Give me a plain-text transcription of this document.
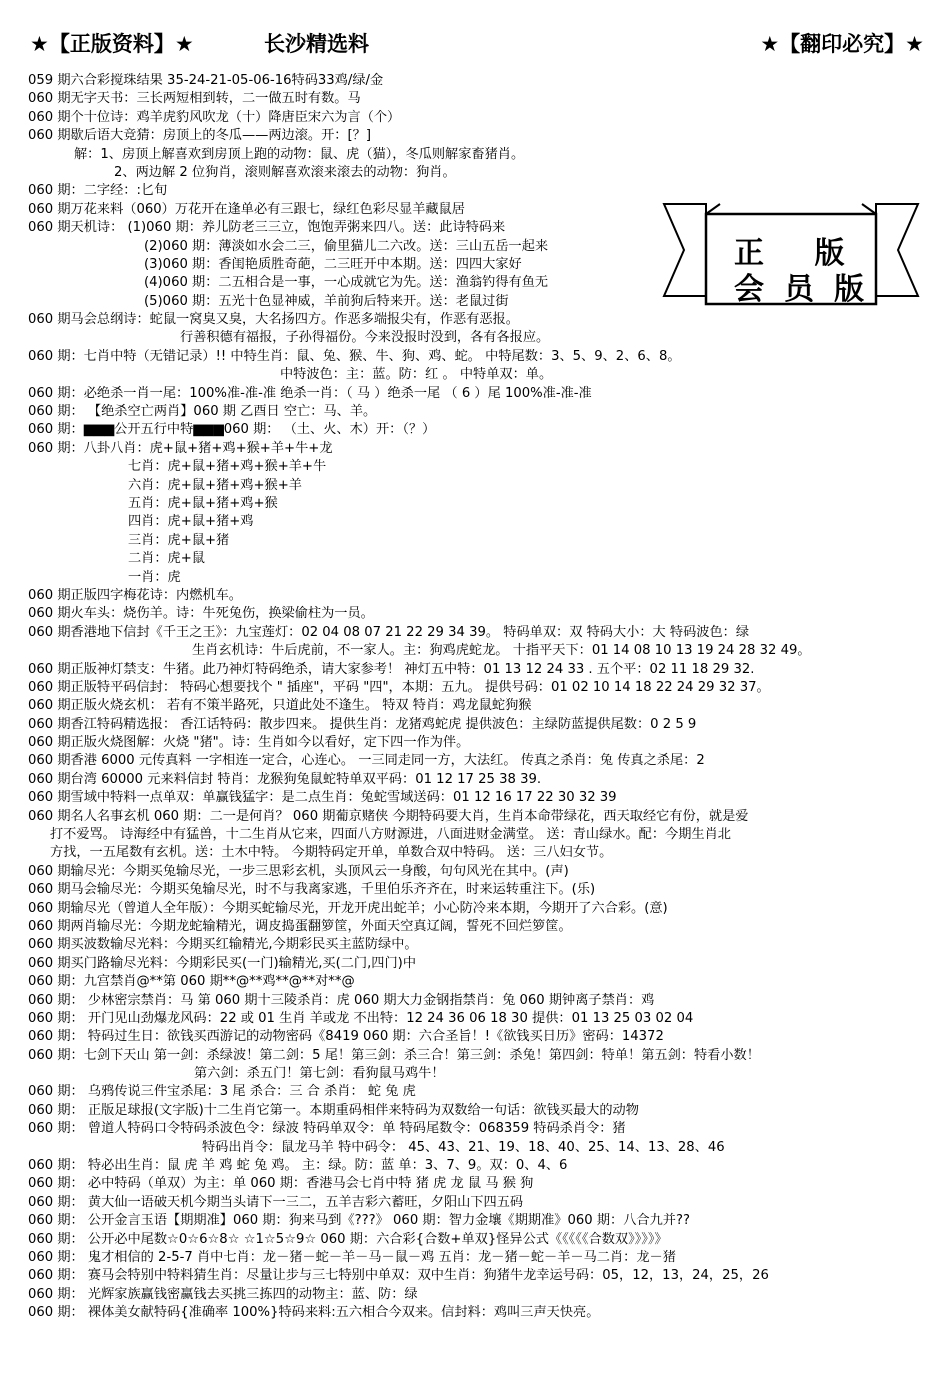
★【正版资料】★	长沙精选料	★【翻印必究】★
正 版
会员版
059 期六合彩搅珠结果 35-24-21-05-06-16特码33鸡/绿/金
060 期无字天书：三长两短相到转，二一做五时有数。马
060 期个十位诗：鸡羊虎豹风吹龙（十）降唐臣宋六为言（个）
060 期歇后语大竞猜：房顶上的冬瓜——两边滚。开：[？]
解：1、房顶上解喜欢到房顶上跑的动物：鼠、虎（猫），冬瓜则解家畜猪肖。
2、两边解 2 位狗肖，滚则解喜欢滚来滚去的动物：狗肖。
060 期：二字经：:匕旬
060 期万花来料（060）万花开在逢单必有三跟七，绿红色彩尽显羊藏鼠居
060 期天机诗： (1)060 期：养儿防老三三立，饱饱弄粥来四八。送：此诗特码来
(2)060 期：薄淡如水会二三，偷里猫儿二六改。送：三山五岳一起来
(3)060 期：香闺艳质胜奇葩，二三旺开中本期。送：四四大家好
(4)060 期：二五相合是一事，一心成就它为先。送：渔翁钓得有鱼无
(5)060 期：五光十色显神威，羊前狗后特来开。送：老鼠过街
060 期马会总纲诗：蛇鼠一窝臭又臭，大名扬四方。作恶多端报尖有，作恶有恶报。
行善积德有福报，子孙得福份。今来没报时没到，各有各报应。
060 期：七肖中特（无错记录）!! 中特生肖：鼠、兔、猴、牛、狗、鸡、蛇。 中特尾数：3、5、9、2、6、8。
中特波色：主：蓝。防：红 。 中特单双：单。
060 期：必绝杀一肖一尾：100%准-准-准 绝杀一肖：（ 马 ）绝杀一尾 （ 6 ）尾 100%准-准-准
060 期： 【绝杀空亡两肖】060 期 乙酉日 空亡：马、羊。
060 期：▆▆▆公开五行中特▆▆▆060 期： （土、火、木）开：（？）
060 期：八卦八肖：虎+鼠+猪+鸡+猴+羊+牛+龙
七肖：虎+鼠+猪+鸡+猴+羊+牛
六肖：虎+鼠+猪+鸡+猴+羊
五肖：虎+鼠+猪+鸡+猴
四肖：虎+鼠+猪+鸡
三肖：虎+鼠+猪
二肖：虎+鼠
一肖：虎
060 期正版四字梅花诗：内燃机车。
060 期火车头：烧伤羊。诗：牛死兔伤，换梁偷柱为一员。
060 期香港地下信封《千王之王》：九宝莲灯：02 04 08 07 21 22 29 34 39。 特码单双：双 特码大小：大 特码波色：绿
生肖玄机诗：牛后虎前，不一家人。主：狗鸡虎蛇龙。 十指平天下：01 14 08 10 13 19 24 28 32 49。
060 期正版神灯禁支：牛猪。此乃神灯特码绝杀，请大家参考！ 神灯五中特：01 13 12 24 33 . 五个平：02 11 18 29 32.
060 期正版特平码信封： 特码心想要找个 " 插座"，平码 "四"，本期：五九。 提供号码：01 02 10 14 18 22 24 29 32 37。
060 期正版火烧玄机： 若有不策半路死，只道此处不逢生。 特双 特肖：鸡龙鼠蛇狗猴
060 期香江特码精选报： 香江话特码：散步四来。 提供生肖：龙猪鸡蛇虎 提供波色：主绿防蓝提供尾数：0 2 5 9
060 期正版火烧图解：火烧 "猪"。诗：生肖如今以看好，定下四一作为伴。
060 期香港 6000 元传真料 一字相连一定合，心连心。 一三同走同一方，大法红。 传真之杀肖：兔 传真之杀尾：2
060 期台湾 60000 元来料信封 特肖：龙猴狗兔鼠蛇特单双平码：01 12 17 25 38 39.
060 期雪域中特料一点单双：单赢钱猛字：是二点生肖：兔蛇雪域送码：01 12 16 17 22 30 32 39
060 期名人名事玄机 060 期：二一是何肖？ 060 期葡京赌侠 今期特码要大肖，生肖本命带绿花，西天取经它有份，就是爱
打不爱骂。 诗海经中有猛兽，十二生肖从它来，四面八方财源进，八面进财金满堂。 送：青山绿水。配：今期生肖北
方找，一五尾数有玄机。送：土木中特。 今期特码定开单，单数合双中特码。 送：三八妇女节。
060 期输尽光：今期买兔输尽光，一步三思彩玄机，头顶风云一身酸，句句风光在其中。(声)
060 期马会输尽光：今期买兔输尽光，时不与我离家逃，千里伯乐齐齐在，时来运转重注下。(乐)
060 期输尽光（曾道人全年版）：今期买蛇输尽光，开龙开虎出蛇羊；小心防冷来本期，今期开了六合彩。(意)
060 期两肖输尽光：今期龙蛇输精光，调皮捣蛋翻箩筐，外面天空真辽阔，誓死不回烂箩筐。
060 期买波数输尽光料：今期买红输精光,今期彩民买主蓝防绿中。
060 期买门路输尽光料：今期彩民买(一门)输精光,买(二门,四门)中
060 期：九宫禁肖@**第 060 期**@**鸡**@**对**@
060 期： 少林密宗禁肖：马 第 060 期十三陵杀肖：虎 060 期大力金钢指禁肖：兔 060 期钟离子禁肖：鸡
060 期： 开门见山劲爆龙风码：22 或 01 生肖 羊或龙 不出特：12 24 36 06 18 30 提供：01 13 25 03 02 04
060 期： 特码过生日：欲钱买西游记的动物密码《8419 060 期：六合圣旨！!《欲钱买日历》密码：14372
060 期：七剑下天山 第一剑：杀绿波！第二剑：5 尾！第三剑：杀三合！第三剑：杀兔！第四剑：特单！第五剑：特看小数！
第六剑：杀五门！第七剑：看狗鼠马鸡牛！
060 期： 乌鸦传说三件宝杀尾：3 尾 杀合：三 合 杀肖： 蛇 兔 虎
060 期： 正版足球报(文字版)十二生肖它第一。本期重码相伴来特码为双数给一句话：欲钱买最大的动物
060 期： 曾道人特码口令特码杀波色令：绿波 特码单双令：单 特码尾数令：068359 特码杀肖令：猪
特码出肖令：鼠龙马羊 特中码令： 45、43、21、19、18、40、25、14、13、28、46
060 期： 特必出生肖：鼠 虎 羊 鸡 蛇 兔 鸡。 主：绿。防：蓝 单：3、7、9。双：0、4、6
060 期： 必中特码（单双）为主：单 060 期：香港马会七肖中特 猪 虎 龙 鼠 马 猴 狗
060 期： 黄大仙一语破天机今期当头请下一三二，五羊吉彩六蓄旺，夕阳山下四五码
060 期： 公开金言玉语【期期准】060 期：狗来马到《???》 060 期：智力金壤《期期准》060 期：八合九并??
060 期： 公开必中尾数☆0☆6☆8☆ ☆1☆5☆9☆ 060 期：六合彩{合数+单双}怪异公式《《《《《合数双》》》》》
060 期： 鬼才相信的 2-5-7 肖中七肖：龙－猪－蛇－羊－马－鼠－鸡 五肖：龙－猪－蛇－羊－马二肖：龙－猪
060 期： 赛马会特别中特料猜生肖：尽量让步与三七特别中单双：双中生肖：狗猪牛龙幸运号码：05，12，13，24，25，26
060 期： 光辉家族赢钱密赢钱去买挑三拣四的动物主：蓝、防：绿
060 期： 裸体美女献特码{准确率 100%}特码来料:五六相合今双来。信封料：鸡叫三声天快亮。
